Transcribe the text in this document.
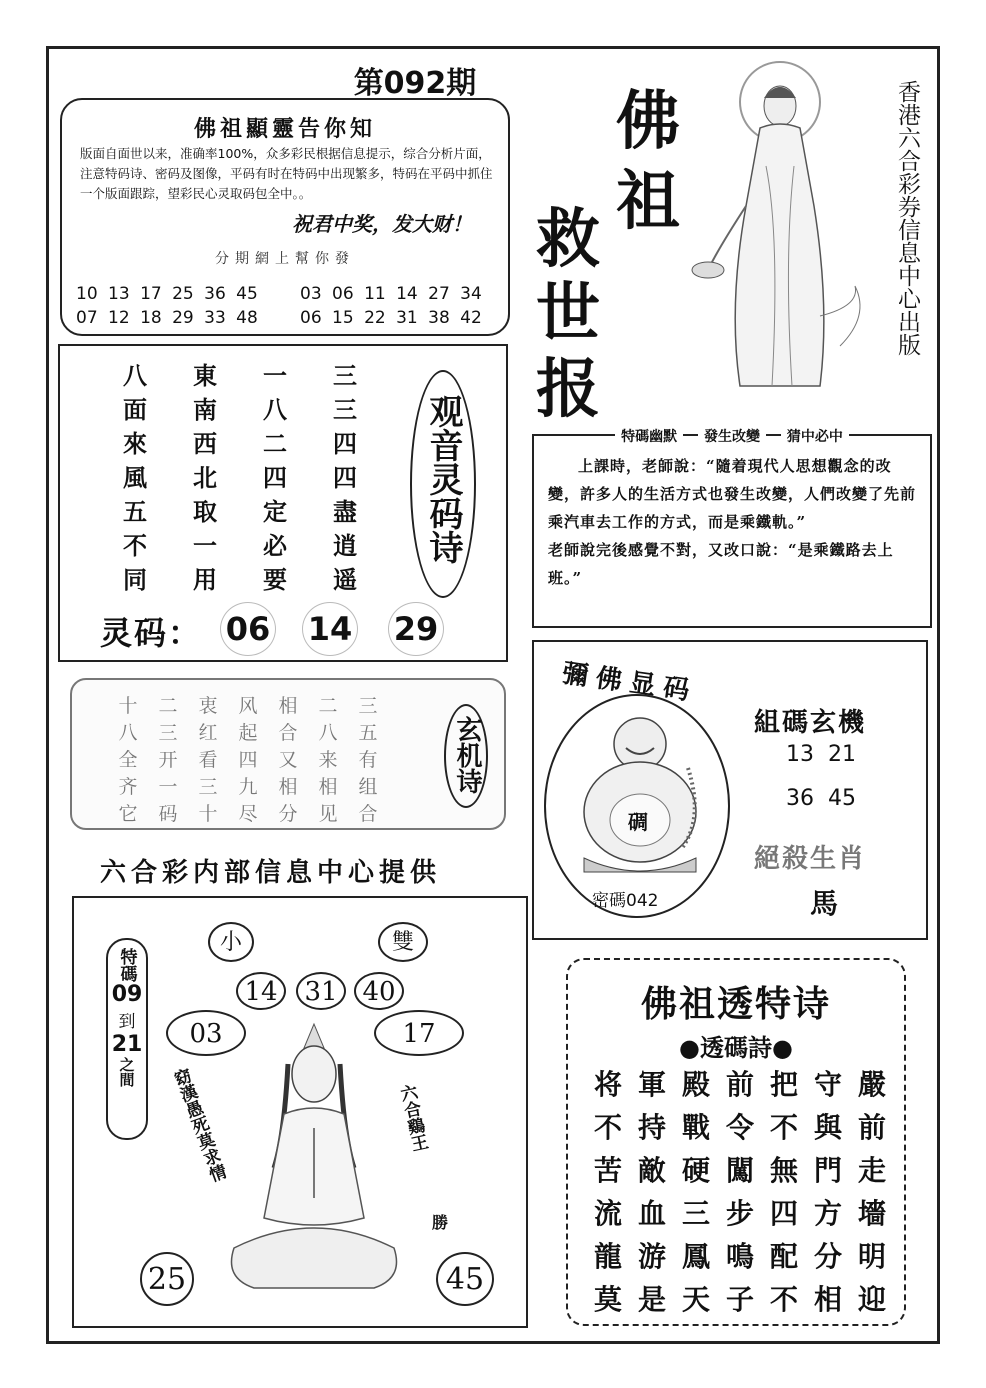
第092期
佛祖顯靈告你知
版面自面世以来，准确率100%，众多彩民根据信息提示，综合分析片面，注意特码诗、密码及图像，平码有时在特码中出现繁多，特码在平码中抓住一个版面跟踪，望彩民心灵取码包全中。。
祝君中奖，发大财！
分期網上幫你發
10 13 17 25 36 45 03 06 11 14 27 34
07 12 18 29 33 48 06 15 22 31 38 42
八	東	一	三
面	南	八	三
來	西	二	四
風	北	四	四
五	取	定	盡
不	一	必	逍
同	用	要	遥
观音灵码诗
灵码： 06 14 29
佛
祖
救
世
报
香港六合彩券信息中心出版
特碼幽默 發生改變 猜中必中
上課時，老師說：“隨着現代人思想觀念的改變，許多人的生活方式也發生改變，人們改變了先前乘汽車去工作的方式，而是乘鐵軌。”
老師說完後感覺不對，又改口說：“是乘鐵路去上班。”
彌佛显码
碉
密碼042
組碼玄機
13  21
36  45
絕殺生肖
馬
十	二	衷	风	相	二	三
八	三	红	起	合	八	五
全	开	看	四	又	来	有
齐	一	三	九	相	相	组
它	码	十	尽	分	见	合
玄机诗
六合彩内部信息中心提供
小	雙
14	31 40
03	17
特碼
09
到
21
之間 窈漢愚死莫求情	六合鷄王
勝
25	45
佛祖透特诗
●透碼詩●
将 軍 殿 前 把 守 嚴
不 持 戰 令 不 與 前
苦 敵 硬 闖 無 門 走
流 血 三 步 四 方 墻
龍 游 鳳 鳴 配 分 明
莫 是 天 子 不 相 迎
